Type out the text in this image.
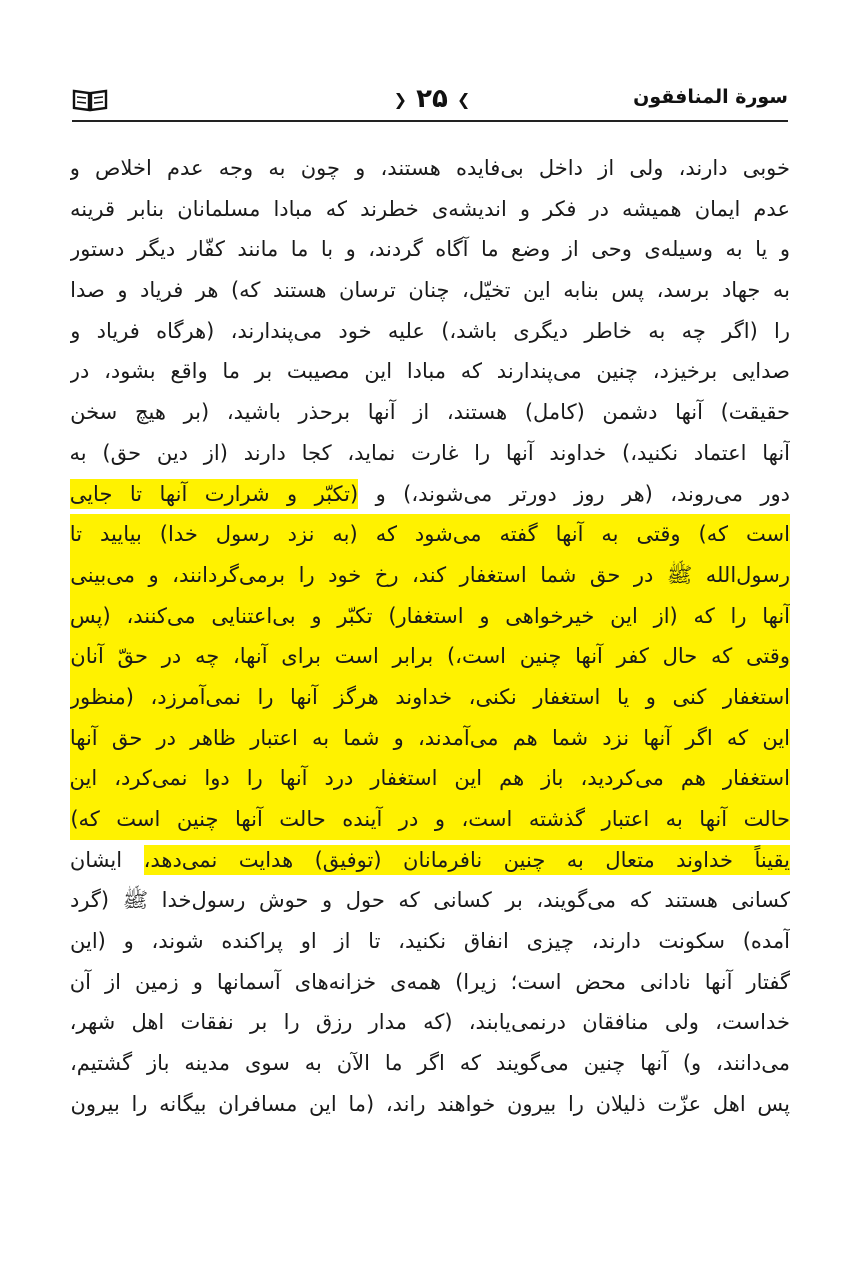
❯ ۲۵ ❮	سورة المنافقون
خوبی دارند، ولی از داخل بی‌فایده هستند، و چون به وجه عدم اخلاص و
عدم ایمان همیشه در فکر و اندیشه‌ی خطرند که مبادا مسلمانان بنابر قرینه
و یا به وسیله‌ی وحی از وضع ما آگاه گردند، و با ما مانند کفّار دیگر دستور
به جهاد برسد، پس بنابه این تخیّل، چنان ترسان هستند که) هر فریاد و صدا
را (اگر چه به خاطر دیگری باشد،) علیه خود می‌پندارند، (هرگاه فریاد و
صدایی برخیزد، چنین می‌پندارند که مبادا این مصیبت بر ما واقع بشود، در
حقیقت) آنها دشمن (کامل) هستند، از آنها برحذر باشید، (بر هیچ سخن
آنها اعتماد نکنید،) خداوند آنها را غارت نماید، کجا دارند (از دین حق) به
دور می‌روند، (هر روز دورتر می‌شوند،) و (تکبّر و شرارت آنها تا جایی
است که) وقتی به آنها گفته می‌شود که (به نزد رسول خدا) بیایید تا
رسول‌الله ﷺ در حق شما استغفار کند، رخ خود را برمی‌گردانند، و می‌بینی
آنها را که (از این خیرخواهی و استغفار) تکبّر و بی‌اعتنایی می‌کنند، (پس
وقتی که حال کفر آنها چنین است،) برابر است برای آنها، چه در حقّ آنان
استغفار کنی و یا استغفار نکنی، خداوند هرگز آنها را نمی‌آمرزد، (منظور
این که اگر آنها نزد شما هم می‌آمدند، و شما به اعتبار ظاهر در حق آنها
استغفار هم می‌کردید، باز هم این استغفار درد آنها را دوا نمی‌کرد، این
حالت آنها به اعتبار گذشته است، و در آینده حالت آنها چنین است که)
یقیناً خداوند متعال به چنین نافرمانان (توفیق) هدایت نمی‌دهد، ایشان
کسانی هستند که می‌گویند، بر کسانی که حول و حوش رسول‌خدا ﷺ (گرد
آمده) سکونت دارند، چیزی انفاق نکنید، تا از او پراکنده شوند، و (این
گفتار آنها نادانی محض است؛ زیرا) همه‌ی خزانه‌های آسمانها و زمین از آن
خداست، ولی منافقان درنمی‌یابند، (که مدار رزق را بر نفقات اهل شهر،
می‌دانند، و) آنها چنین می‌گویند که اگر ما الآن به سوی مدینه باز گشتیم،
پس اهل عزّت ذلیلان را بیرون خواهند راند، (ما این مسافران بیگانه را بیرون
